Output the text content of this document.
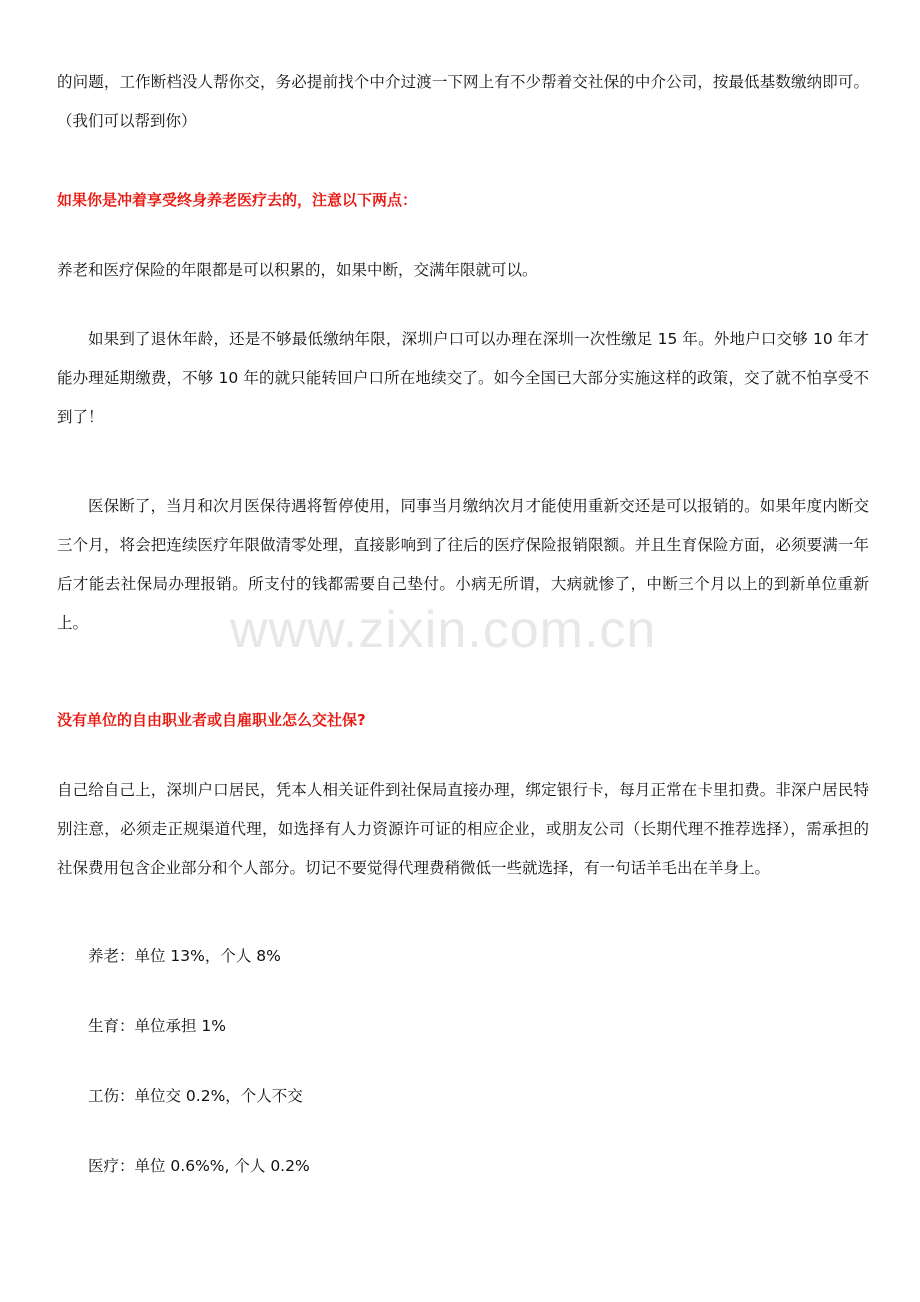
的问题，工作断档没人帮你交，务必提前找个中介过渡一下网上有不少帮着交社保的中介公司，按最低基数缴纳即可。（我们可以帮到你）

如果你是冲着享受终身养老医疗去的，注意以下两点：

养老和医疗保险的年限都是可以积累的，如果中断，交满年限就可以。

如果到了退休年龄，还是不够最低缴纳年限，深圳户口可以办理在深圳一次性缴足 15 年。外地户口交够 10 年才能办理延期缴费，不够 10 年的就只能转回户口所在地续交了。如今全国已大部分实施这样的政策，交了就不怕享受不到了！

医保断了，当月和次月医保待遇将暂停使用，同事当月缴纳次月才能使用重新交还是可以报销的。如果年度内断交三个月，将会把连续医疗年限做清零处理，直接影响到了往后的医疗保险报销限额。并且生育保险方面，必须要满一年后才能去社保局办理报销。所支付的钱都需要自己垫付。小病无所谓，大病就惨了，中断三个月以上的到新单位重新上。

没有单位的自由职业者或自雇职业怎么交社保?

自己给自己上，深圳户口居民，凭本人相关证件到社保局直接办理，绑定银行卡，每月正常在卡里扣费。非深户居民特别注意，必须走正规渠道代理，如选择有人力资源许可证的相应企业，或朋友公司（长期代理不推荐选择），需承担的社保费用包含企业部分和个人部分。切记不要觉得代理费稍微低一些就选择，有一句话羊毛出在羊身上。

养老：单位 13%，个人 8%

生育：单位承担 1%

工伤：单位交 0.2%，个人不交

医疗：单位 0.6%%, 个人 0.2%

www.zixin.com.cn
